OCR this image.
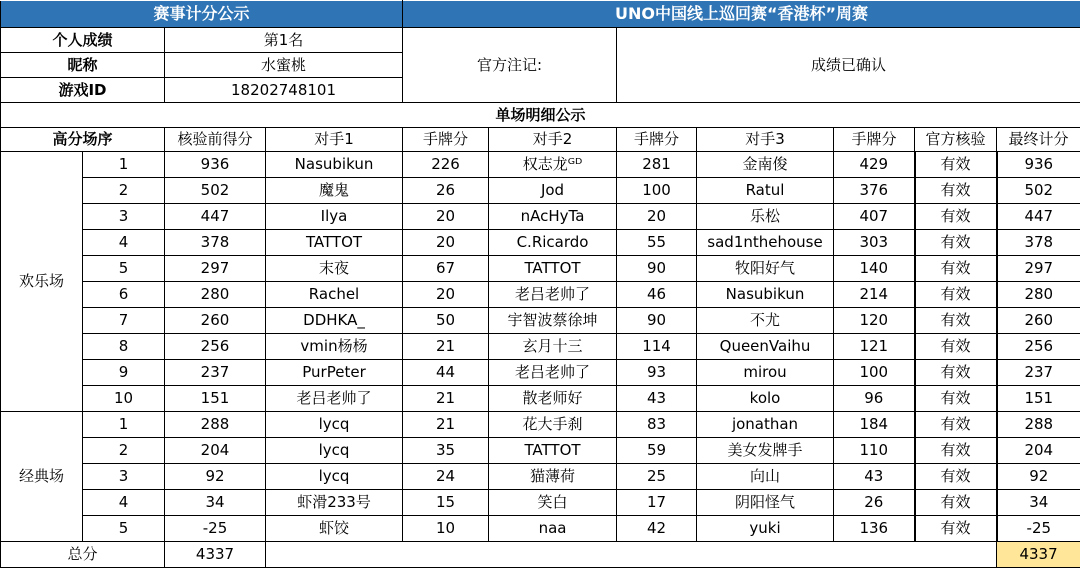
赛事计分公示				UNO中国线上巡回赛“香港杯”周赛						
个人成绩		第1名		官方注记:		成绩已确认				
昵称		水蜜桃								
游戏ID		18202748101								
单场明细公示										
高分场序		核验前得分	对手1	手牌分	对手2	手牌分	对手3	手牌分	官方核验	最终计分
欢乐场	1	936	Nasubikun	226	权志龙ᴳᴰ	281	金南俊	429	有效	936
	2	502	魔鬼	26	Jod	100	Ratul	376	有效	502
	3	447	Ilya	20	nAcHyTa	20	乐松	407	有效	447
	4	378	TATTOT	20	C.Ricardo	55	sad1nthehouse	303	有效	378
	5	297	末夜	67	TATTOT	90	牧阳好气	140	有效	297
	6	280	Rachel	20	老吕老帅了	46	Nasubikun	214	有效	280
	7	260	DDHKA_	50	宇智波蔡徐坤	90	不尤	120	有效	260
	8	256	vmin杨杨	21	玄月十三	114	QueenVaihu	121	有效	256
	9	237	PurPeter	44	老吕老帅了	93	mirou	100	有效	237
	10	151	老吕老帅了	21	散老师好	43	kolo	96	有效	151
经典场	1	288	lycq	21	花大手刹	83	jonathan	184	有效	288
	2	204	lycq	35	TATTOT	59	美女发牌手	110	有效	204
	3	92	lycq	24	猫薄荷	25	向山	43	有效	92
	4	34	虾滑233号	15	笑白	17	阴阳怪气	26	有效	34
	5	-25	虾饺	10	naa	42	yuki	136	有效	-25
总分		4337								4337
